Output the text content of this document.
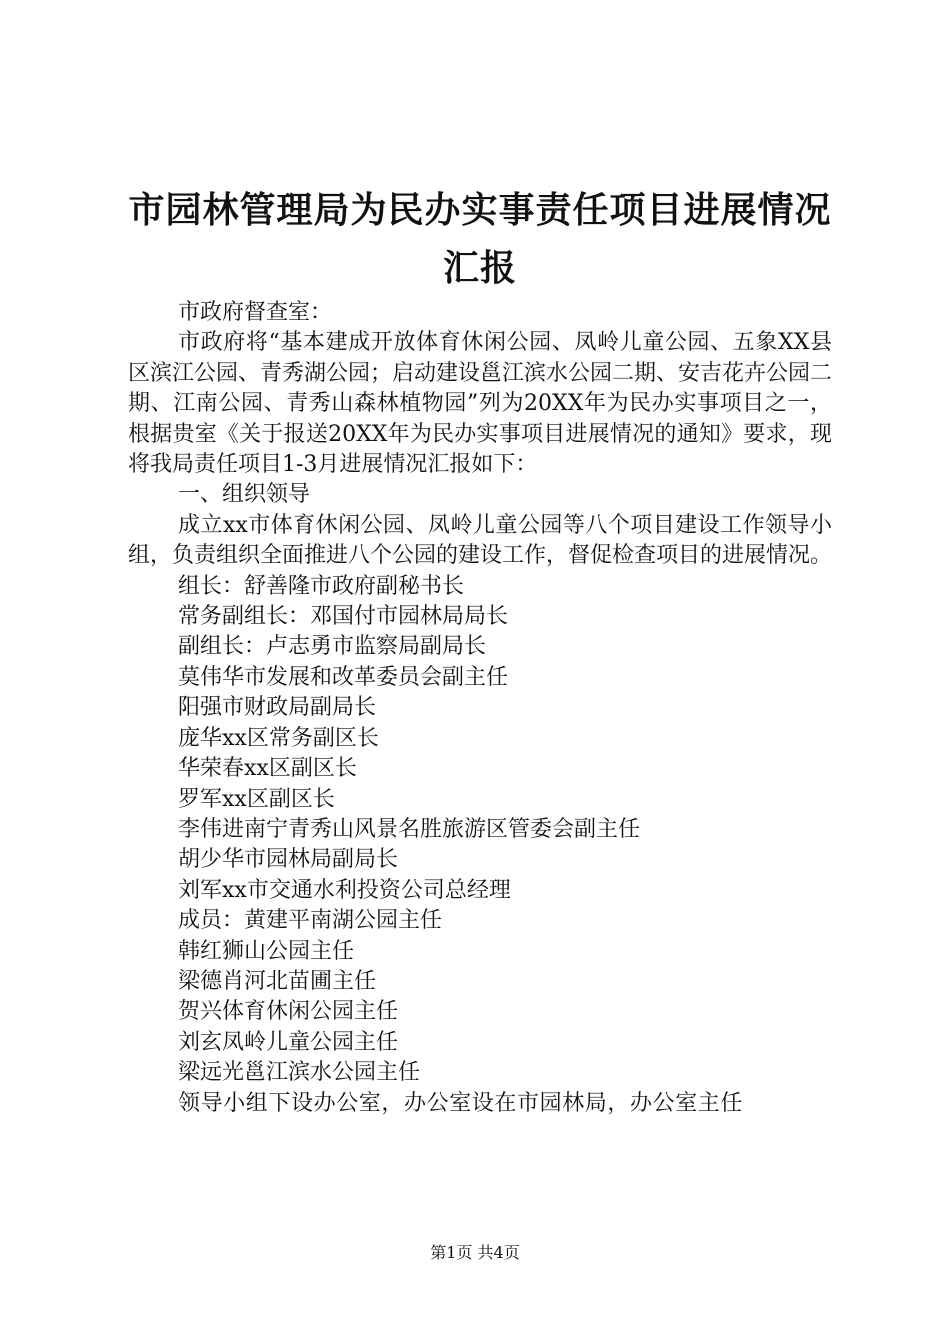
市园林管理局为民办实事责任项目进展情况汇报

市政府督查室：

市政府将“基本建成开放体育休闲公园、凤岭儿童公园、五象XX县区滨江公园、青秀湖公园；启动建设邕江滨水公园二期、安吉花卉公园二期、江南公园、青秀山森林植物园”列为20XX年为民办实事项目之一，根据贵室《关于报送20XX年为民办实事项目进展情况的通知》要求，现将我局责任项目1-3月进展情况汇报如下：

一、组织领导

成立xx市体育休闲公园、凤岭儿童公园等八个项目建设工作领导小组，负责组织全面推进八个公园的建设工作，督促检查项目的进展情况。

组长：舒善隆市政府副秘书长

常务副组长：邓国付市园林局局长

副组长：卢志勇市监察局副局长

莫伟华市发展和改革委员会副主任

阳强市财政局副局长

庞华xx区常务副区长

华荣春xx区副区长

罗军xx区副区长

李伟进南宁青秀山风景名胜旅游区管委会副主任

胡少华市园林局副局长

刘军xx市交通水利投资公司总经理

成员：黄建平南湖公园主任

韩红狮山公园主任

梁德肖河北苗圃主任

贺兴体育休闲公园主任

刘玄凤岭儿童公园主任

梁远光邕江滨水公园主任

领导小组下设办公室，办公室设在市园林局，办公室主任

第1页 共4页
